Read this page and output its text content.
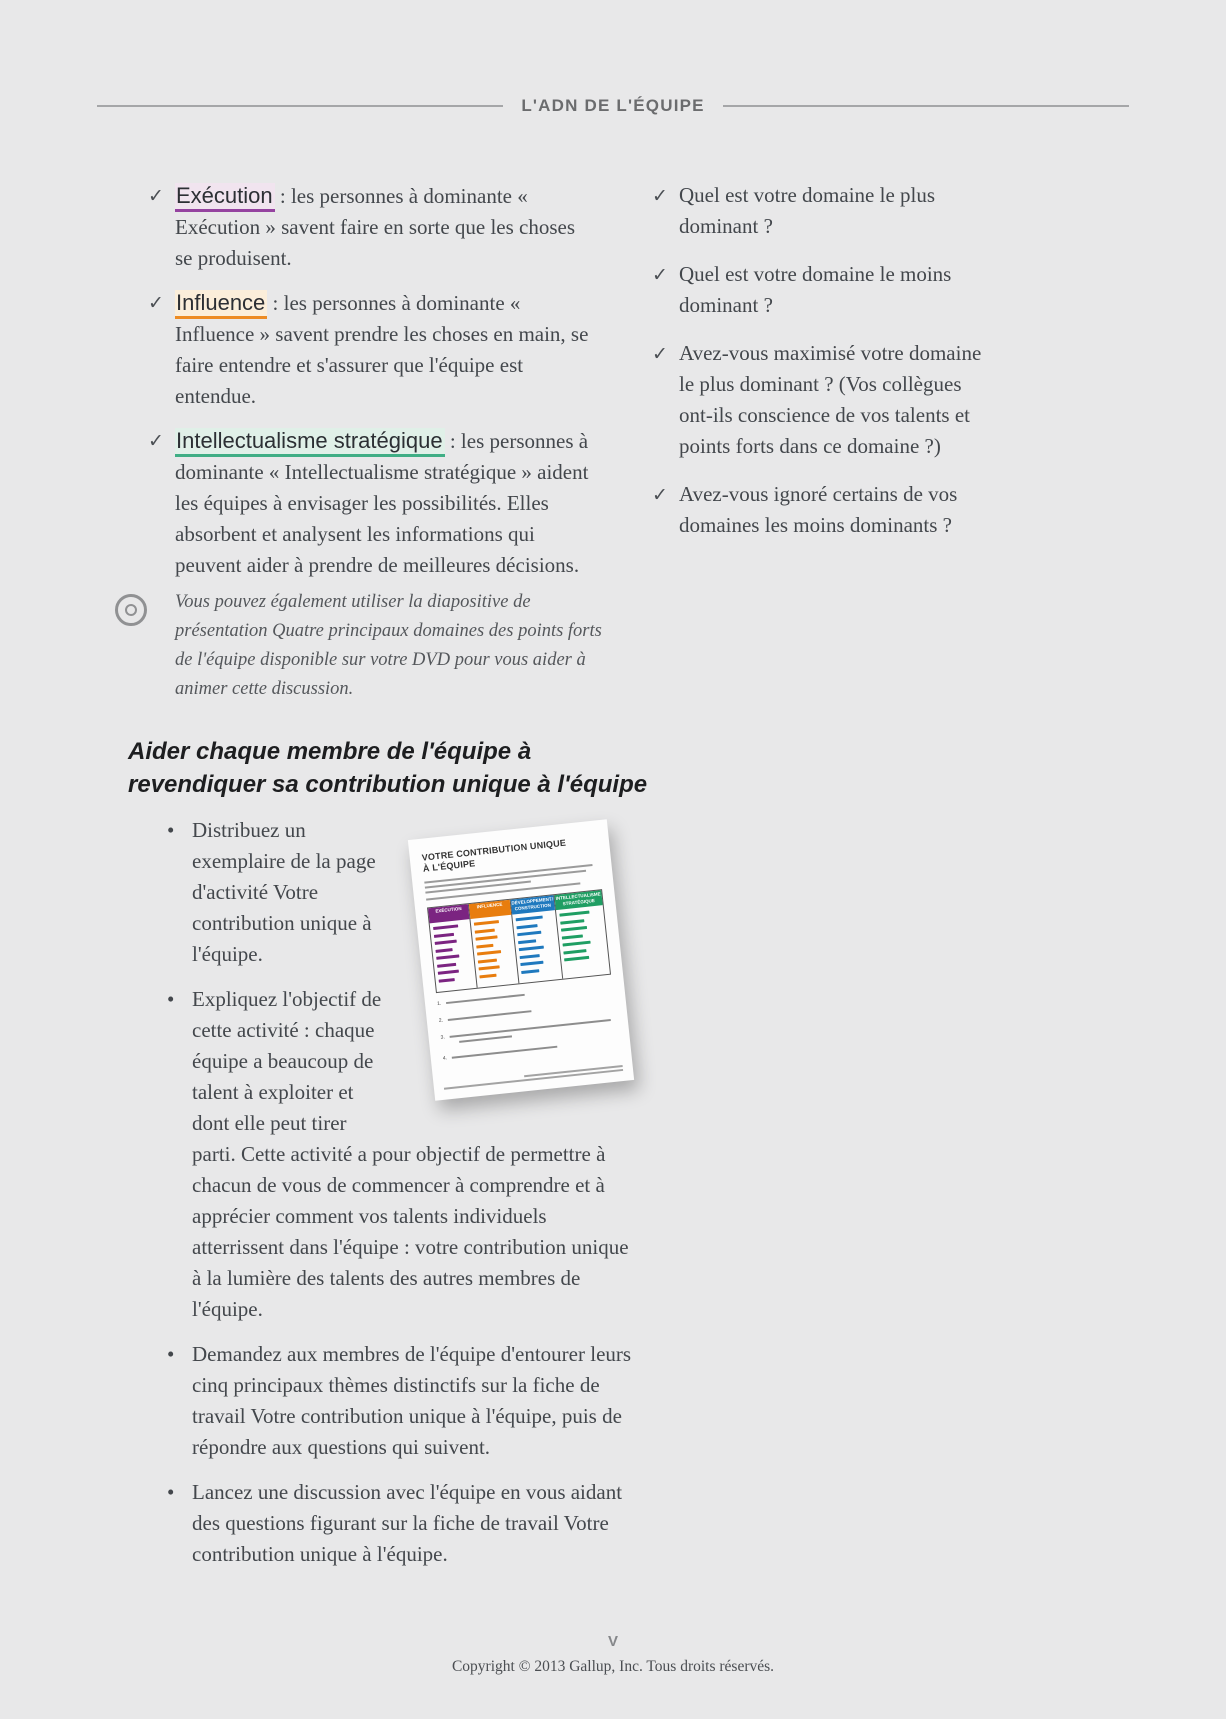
L'ADN DE L'ÉQUIPE
✓ Exécution : les personnes à dominante « Exécution » savent faire en sorte que les choses se produisent.
✓ Influence : les personnes à dominante « Influence » savent prendre les choses en main, se faire entendre et s'assurer que l'équipe est entendue.
✓ Intellectualisme stratégique : les personnes à dominante « Intellectualisme stratégique » aident les équipes à envisager les possibilités. Elles absorbent et analysent les informations qui peuvent aider à prendre de meilleures décisions.
✓ Quel est votre domaine le plus dominant ?
✓ Quel est votre domaine le moins dominant ?
✓ Avez-vous maximisé votre domaine le plus dominant ? (Vos collègues ont-ils conscience de vos talents et points forts dans ce domaine ?)
✓ Avez-vous ignoré certains de vos domaines les moins dominants ?
Vous pouvez également utiliser la diapositive de présentation Quatre principaux domaines des points forts de l'équipe disponible sur votre DVD pour vous aider à animer cette discussion.
Aider chaque membre de l'équipe à revendiquer sa contribution unique à l'équipe
VOTRE CONTRIBUTION UNIQUE
À L'ÉQUIPE
EXÉCUTION
INFLUENCE	DÉVELOPPEMENT/ CONSTRUCTION
INTELLECTUALISME STRATÉGIQUE
1.
2.
3.
4.
• Distribuez un exemplaire de la page d'activité Votre contribution unique à l'équipe.
• Expliquez l'objectif de cette activité : chaque équipe a beaucoup de talent à exploiter et dont elle peut tirer parti. Cette activité a pour objectif de permettre à chacun de vous de commencer à comprendre et à apprécier comment vos talents individuels atterrissent dans l'équipe : votre contribution unique à la lumière des talents des autres membres de l'équipe.
• Demandez aux membres de l'équipe d'entourer leurs cinq principaux thèmes distinctifs sur la fiche de travail Votre contribution unique à l'équipe, puis de répondre aux questions qui suivent.
• Lancez une discussion avec l'équipe en vous aidant des questions figurant sur la fiche de travail Votre contribution unique à l'équipe.
V
Copyright © 2013 Gallup, Inc. Tous droits réservés.
